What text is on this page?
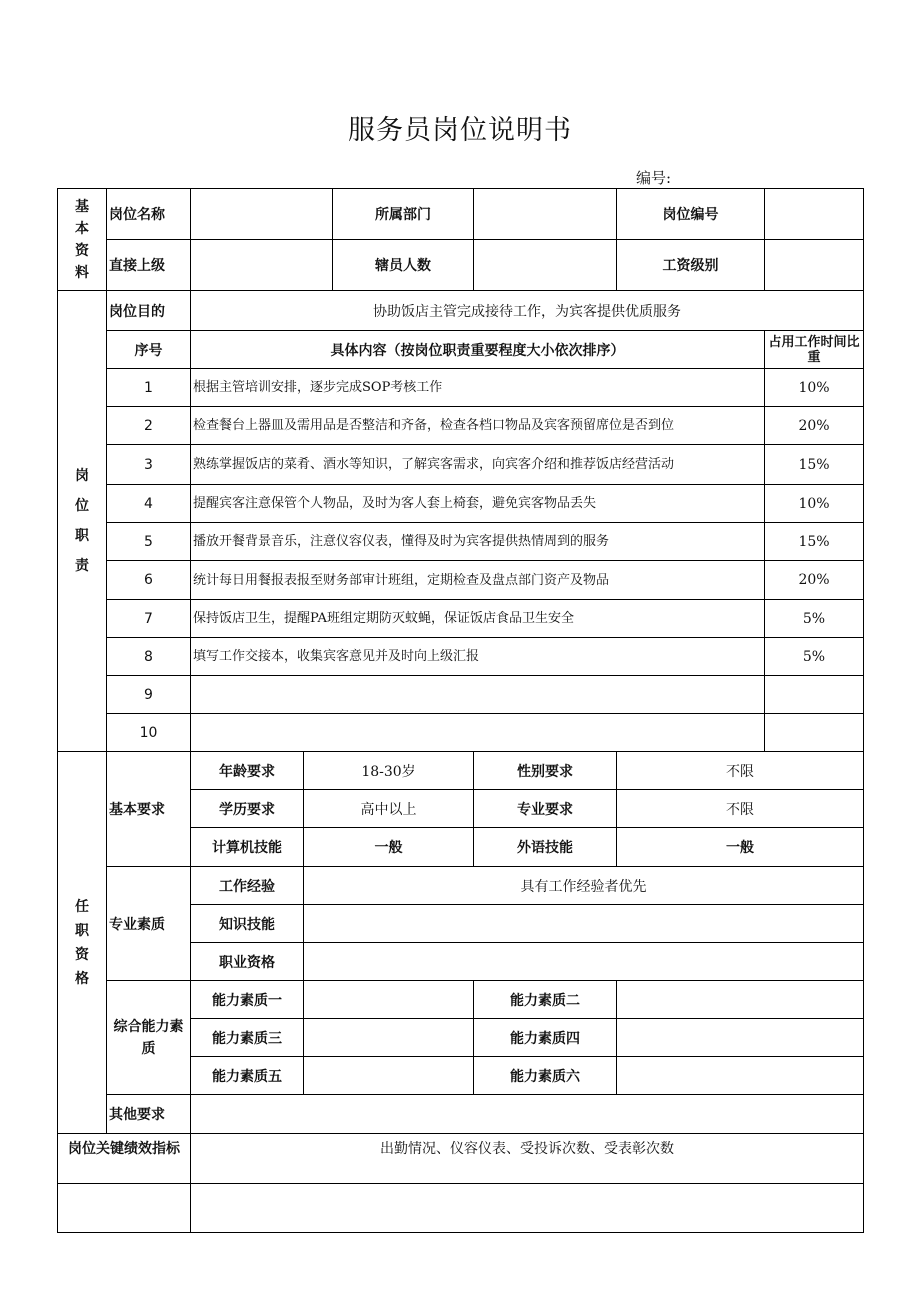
服务员岗位说明书
编号:
基本资料	岗位名称			所属部门		岗位编号	
	直接上级			辖员人数		工资级别	
岗位职责	岗位目的	协助饭店主管完成接待工作，为宾客提供优质服务					
	序号	具体内容（按岗位职责重要程度大小依次排序）					占用工作时间比重
	1	根据主管培训安排，逐步完成SOP考核工作					10%
	2	检查餐台上器皿及需用品是否整洁和齐备，检查各档口物品及宾客预留席位是否到位					20%
	3	熟练掌握饭店的菜肴、酒水等知识，了解宾客需求，向宾客介绍和推荐饭店经营活动					15%
	4	提醒宾客注意保管个人物品，及时为客人套上椅套，避免宾客物品丢失					10%
	5	播放开餐背景音乐，注意仪容仪表，懂得及时为宾客提供热情周到的服务					15%
	6	统计每日用餐报表报至财务部审计班组，定期检查及盘点部门资产及物品					20%
	7	保持饭店卫生，提醒PA班组定期防灭蚊蝇，保证饭店食品卫生安全					5%
	8	填写工作交接本，收集宾客意见并及时向上级汇报					5%
	9						
	10						
任职资格	基本要求	年龄要求	18-30岁		性别要求	不限	
		学历要求	高中以上		专业要求	不限	
		计算机技能	一般		外语技能	一般	
	专业素质	工作经验	具有工作经验者优先				
		知识技能					
		职业资格					
	综合能力素质	能力素质一			能力素质二		
		能力素质三			能力素质四		
		能力素质五			能力素质六		
	其他要求						
岗位关键绩效指标		出勤情况、仪容仪表、受投诉次数、受表彰次数					
